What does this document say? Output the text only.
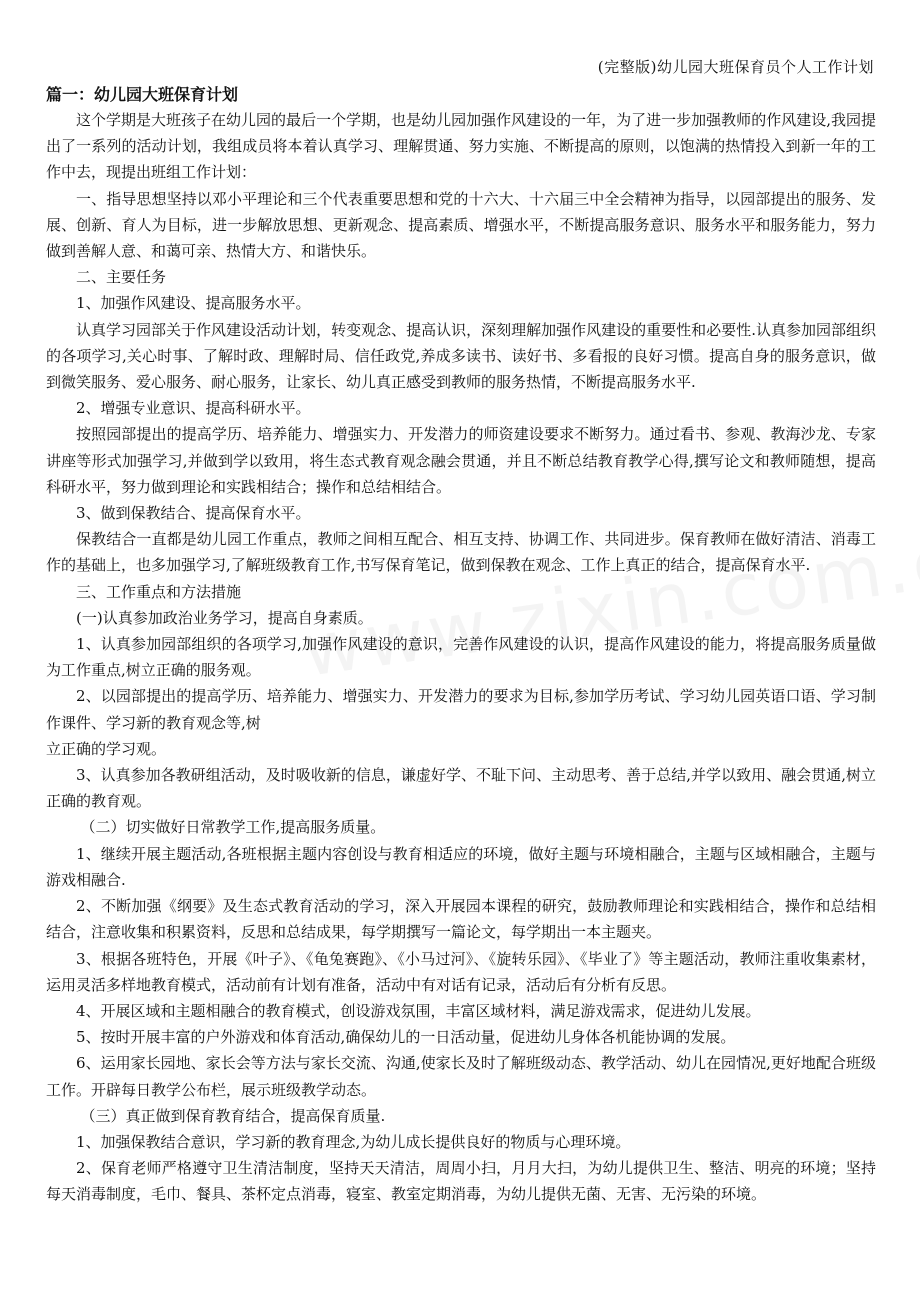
(完整版)幼儿园大班保育员个人工作计划
篇一：幼儿园大班保育计划

这个学期是大班孩子在幼儿园的最后一个学期，也是幼儿园加强作风建设的一年，为了进一步加强教师的作风建设,我园提出了一系列的活动计划，我组成员将本着认真学习、理解贯通、努力实施、不断提高的原则，以饱满的热情投入到新一年的工作中去，现提出班组工作计划：

一、指导思想坚持以邓小平理论和三个代表重要思想和党的十六大、十六届三中全会精神为指导，以园部提出的服务、发展、创新、育人为目标，进一步解放思想、更新观念、提高素质、增强水平，不断提高服务意识、服务水平和服务能力，努力做到善解人意、和蔼可亲、热情大方、和谐快乐。

二、主要任务

1、加强作风建设、提高服务水平。

认真学习园部关于作风建设活动计划，转变观念、提高认识，深刻理解加强作风建设的重要性和必要性.认真参加园部组织的各项学习,关心时事、了解时政、理解时局、信任政党,养成多读书、读好书、多看报的良好习惯。提高自身的服务意识，做到微笑服务、爱心服务、耐心服务，让家长、幼儿真正感受到教师的服务热情，不断提高服务水平.

2、增强专业意识、提高科研水平。

按照园部提出的提高学历、培养能力、增强实力、开发潜力的师资建设要求不断努力。通过看书、参观、教海沙龙、专家讲座等形式加强学习,并做到学以致用，将生态式教育观念融会贯通，并且不断总结教育教学心得,撰写论文和教师随想，提高科研水平，努力做到理论和实践相结合；操作和总结相结合。

3、做到保教结合、提高保育水平。

保教结合一直都是幼儿园工作重点，教师之间相互配合、相互支持、协调工作、共同进步。保育教师在做好清洁、消毒工作的基础上，也多加强学习,了解班级教育工作,书写保育笔记，做到保教在观念、工作上真正的结合，提高保育水平.

三、工作重点和方法措施

(一)认真参加政治业务学习，提高自身素质。

1、认真参加园部组织的各项学习,加强作风建设的意识，完善作风建设的认识，提高作风建设的能力，将提高服务质量做为工作重点,树立正确的服务观。

2、以园部提出的提高学历、培养能力、增强实力、开发潜力的要求为目标,参加学历考试、学习幼儿园英语口语、学习制作课件、学习新的教育观念等,树

立正确的学习观。

3、认真参加各教研组活动，及时吸收新的信息，谦虚好学、不耻下问、主动思考、善于总结,并学以致用、融会贯通,树立正确的教育观。

（二）切实做好日常教学工作,提高服务质量。

1、继续开展主题活动,各班根据主题内容创设与教育相适应的环境，做好主题与环境相融合，主题与区域相融合，主题与游戏相融合.

2、不断加强《纲要》及生态式教育活动的学习，深入开展园本课程的研究，鼓励教师理论和实践相结合，操作和总结相结合，注意收集和积累资料，反思和总结成果，每学期撰写一篇论文，每学期出一本主题夹。

3、根据各班特色，开展《叶子》、《龟兔赛跑》、《小马过河》、《旋转乐园》、《毕业了》等主题活动，教师注重收集素材，运用灵活多样地教育模式，活动前有计划有准备，活动中有对话有记录，活动后有分析有反思。

4、开展区域和主题相融合的教育模式，创设游戏氛围，丰富区域材料，满足游戏需求，促进幼儿发展。

5、按时开展丰富的户外游戏和体育活动,确保幼儿的一日活动量，促进幼儿身体各机能协调的发展。

6、运用家长园地、家长会等方法与家长交流、沟通,使家长及时了解班级动态、教学活动、幼儿在园情况,更好地配合班级工作。开辟每日教学公布栏，展示班级教学动态。

（三）真正做到保育教育结合，提高保育质量.

1、加强保教结合意识，学习新的教育理念,为幼儿成长提供良好的物质与心理环境。

2、保育老师严格遵守卫生清洁制度，坚持天天清洁，周周小扫，月月大扫，为幼儿提供卫生、整洁、明亮的环境；坚持每天消毒制度，毛巾、餐具、茶杯定点消毒，寝室、教室定期消毒，为幼儿提供无菌、无害、无污染的环境。
